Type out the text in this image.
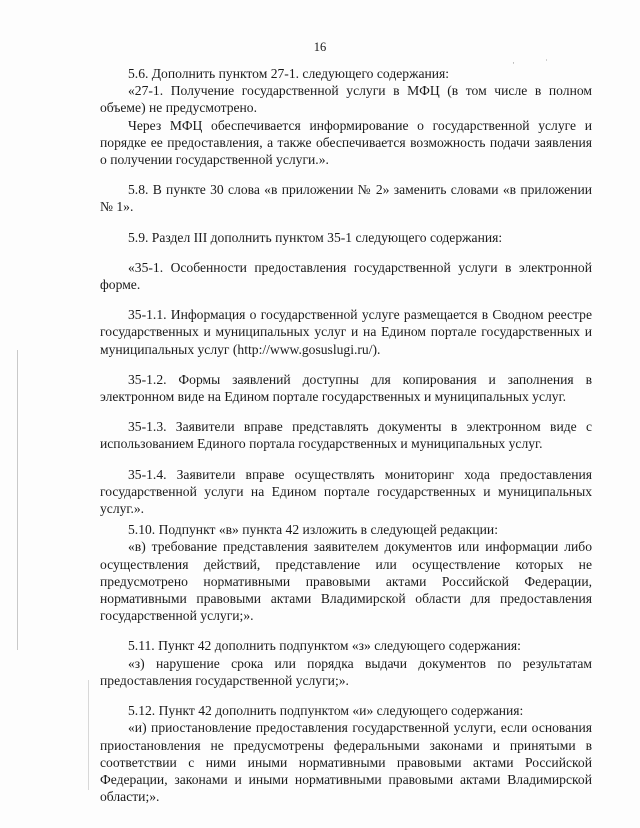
16
·	˙

5.6. Дополнить пунктом 27-1. следующего содержания:

«27-1. Получение государственной услуги в МФЦ (в том числе в полном объеме) не предусмотрено.

Через МФЦ обеспечивается информирование о государственной услуге и порядке ее предоставления, а также обеспечивается возможность подачи заявления о получении государственной услуги.».

5.8. В пункте 30 слова «в приложении № 2» заменить словами «в приложении № 1».

5.9. Раздел III дополнить пунктом 35-1 следующего содержания:

«35-1. Особенности предоставления государственной услуги в электронной форме.

35-1.1. Информация о государственной услуге размещается в Сводном реестре государственных и муниципальных услуг и на Едином портале государственных и муниципальных услуг (http://www.gosuslugi.ru/).

35-1.2. Формы заявлений доступны для копирования и заполнения в электронном виде на Едином портале государственных и муниципальных услуг.

35-1.3. Заявители вправе представлять документы в электронном виде с использованием Единого портала государственных и муниципальных услуг.

35-1.4. Заявители вправе осуществлять мониторинг хода предоставления государственной услуги на Едином портале государственных и муниципальных услуг.».

5.10. Подпункт «в» пункта 42 изложить в следующей редакции:

«в) требование представления заявителем документов или информации либо осуществления действий, представление или осуществление которых не предусмотрено нормативными правовыми актами Российской Федерации, нормативными правовыми актами Владимирской области для предоставления государственной услуги;».

5.11. Пункт 42 дополнить подпунктом «з» следующего содержания:

«з) нарушение срока или порядка выдачи документов по результатам предоставления государственной услуги;».

5.12. Пункт 42 дополнить подпунктом «и» следующего содержания:

«и) приостановление предоставления государственной услуги, если основания приостановления не предусмотрены федеральными законами и принятыми в соответствии с ними иными нормативными правовыми актами Российской Федерации, законами и иными нормативными правовыми актами Владимирской области;».
